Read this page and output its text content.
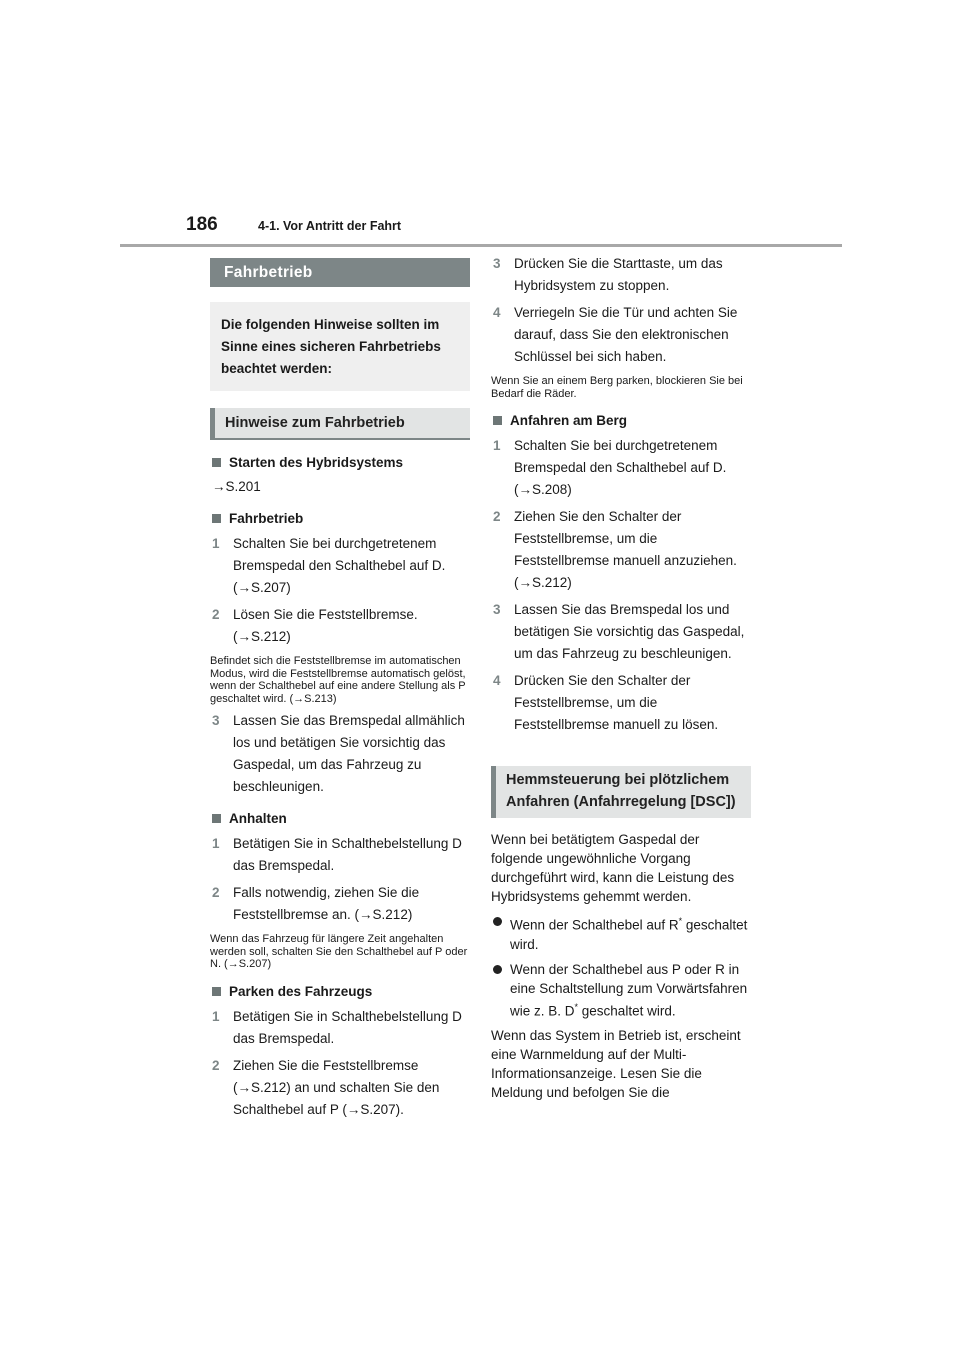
186	4-1. Vor Antritt der Fahrt
Fahrbetrieb
Die folgenden Hinweise sollten im Sinne eines sicheren Fahrbetriebs beachtet werden:
Hinweise zum Fahrbetrieb
Starten des Hybridsystems
→S.201
Fahrbetrieb
1 Schalten Sie bei durchgetretenem Bremspedal den Schalthebel auf D. (→S.207)
2 Lösen Sie die Feststellbremse. (→S.212)
Befindet sich die Feststellbremse im automatischen Modus, wird die Feststellbremse automatisch gelöst, wenn der Schalthebel auf eine andere Stellung als P geschaltet wird. (→S.213)
3 Lassen Sie das Bremspedal allmählich los und betätigen Sie vorsichtig das Gaspedal, um das Fahrzeug zu beschleunigen.
Anhalten
1 Betätigen Sie in Schalthebelstellung D das Bremspedal.
2 Falls notwendig, ziehen Sie die Feststellbremse an. (→S.212)
Wenn das Fahrzeug für längere Zeit angehalten werden soll, schalten Sie den Schalthebel auf P oder N. (→S.207)
Parken des Fahrzeugs
1 Betätigen Sie in Schalthebelstellung D das Bremspedal.
2 Ziehen Sie die Feststellbremse (→S.212) an und schalten Sie den Schalthebel auf P (→S.207).
3 Drücken Sie die Starttaste, um das Hybridsystem zu stoppen.
4 Verriegeln Sie die Tür und achten Sie darauf, dass Sie den elektronischen Schlüssel bei sich haben.
Wenn Sie an einem Berg parken, blockieren Sie bei Bedarf die Räder.
Anfahren am Berg
1 Schalten Sie bei durchgetretenem Bremspedal den Schalthebel auf D. (→S.208)
2 Ziehen Sie den Schalter der Feststellbremse, um die Feststellbremse manuell anzuziehen. (→S.212)
3 Lassen Sie das Bremspedal los und betätigen Sie vorsichtig das Gaspedal, um das Fahrzeug zu beschleunigen.
4 Drücken Sie den Schalter der Feststellbremse, um die Feststellbremse manuell zu lösen.
Hemmsteuerung bei plötzlichem Anfahren (Anfahrregelung [DSC])
Wenn bei betätigtem Gaspedal der folgende ungewöhnliche Vorgang durchgeführt wird, kann die Leistung des Hybridsystems gehemmt werden.
Wenn der Schalthebel auf R* geschaltet wird.
Wenn der Schalthebel aus P oder R in eine Schaltstellung zum Vorwärtsfahren wie z. B. D* geschaltet wird.
Wenn das System in Betrieb ist, erscheint eine Warnmeldung auf der Multi-Informationsanzeige. Lesen Sie die Meldung und befolgen Sie die
